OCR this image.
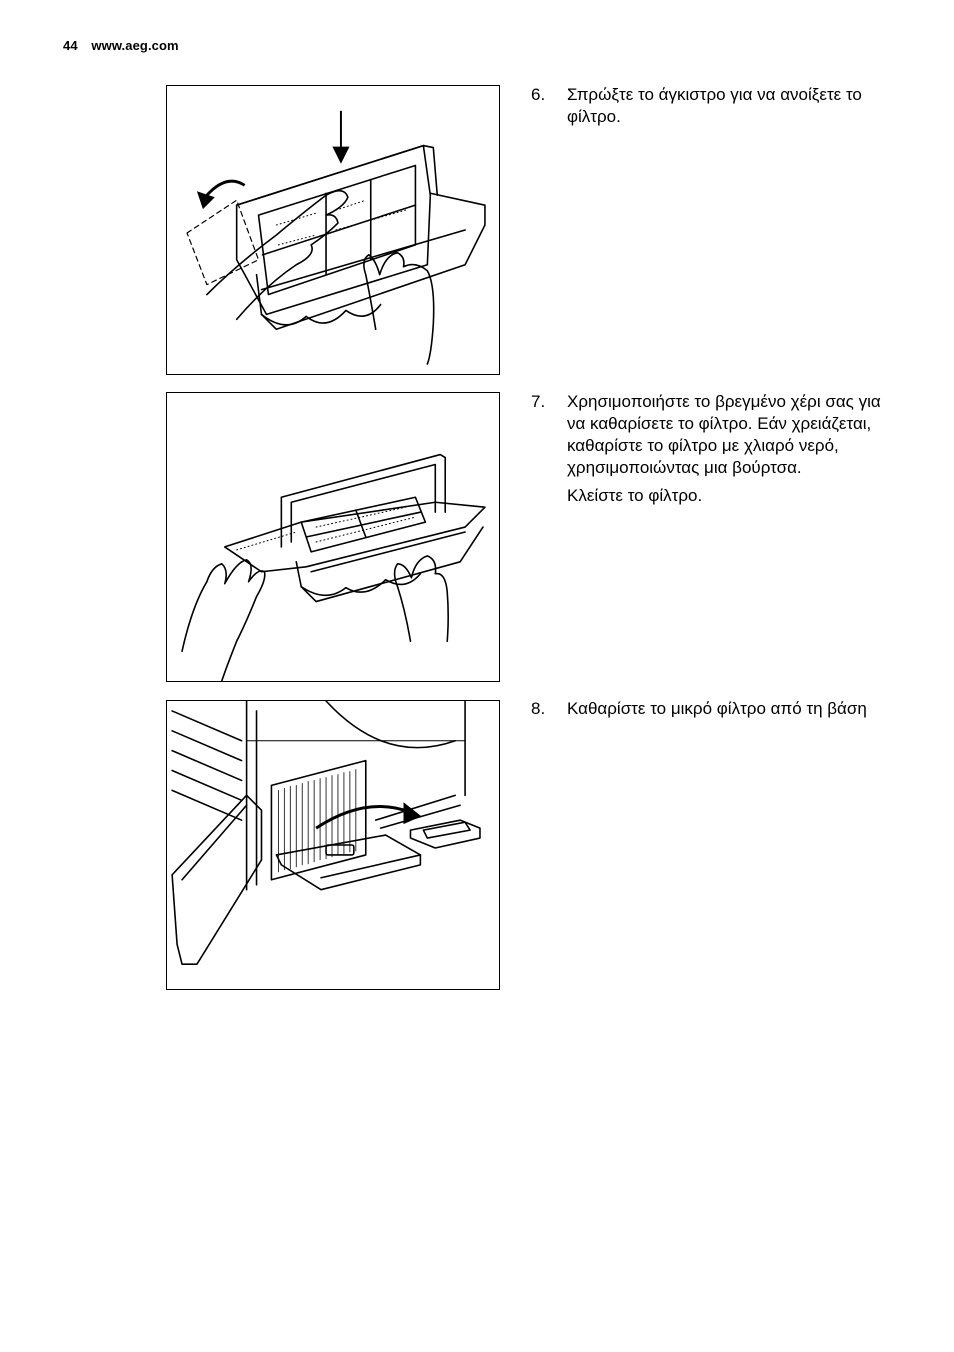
44 www.aeg.com
6. Σπρώξτε το άγκιστρο για να ανοίξετε το φίλτρο.

7. Χρησιμοποιήστε το βρεγμένο χέρι σας για να καθαρίσετε το φίλτρο. Εάν χρειάζεται, καθαρίστε το φίλτρο με χλιαρό νερό, χρησιμοποιώντας μια βούρτσα.

Κλείστε το φίλτρο.

8. Καθαρίστε το μικρό φίλτρο από τη βάση
